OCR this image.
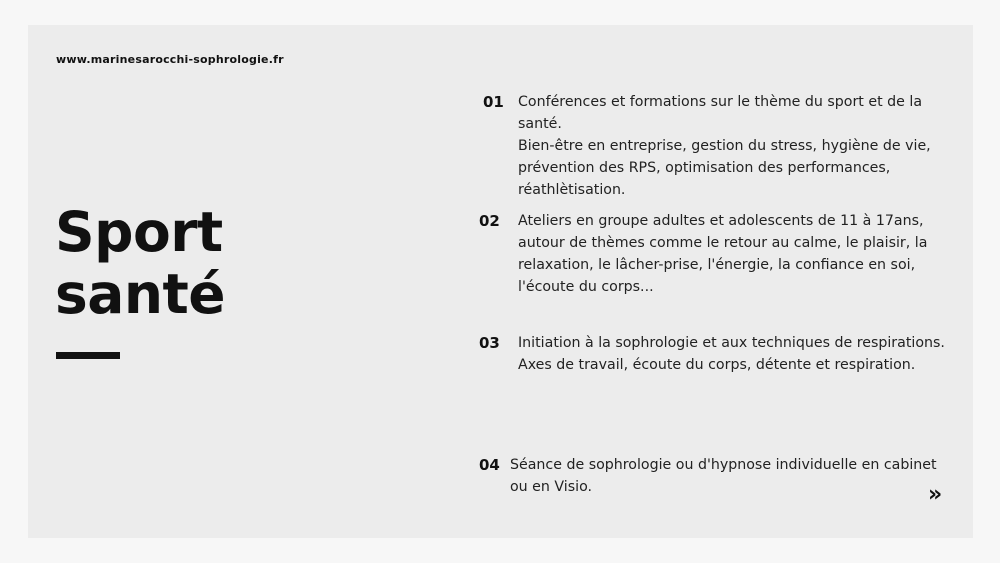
www.marinesarocchi-sophrologie.fr
Sport
santé
01 Conférences et formations sur le thème du sport et de la santé.
Bien-être en entreprise, gestion du stress, hygiène de vie, prévention des RPS, optimisation des performances, réathlètisation.
02	Ateliers en groupe adultes et adolescents de 11 à 17ans, autour de thèmes comme le retour au calme, le plaisir, la relaxation, le lâcher-prise, l'énergie, la confiance en soi, l'écoute du corps...
03	Initiation à la sophrologie et aux techniques de respirations.
Axes de travail, écoute du corps, détente et respiration.
04 Séance de sophrologie ou d'hypnose individuelle en cabinet ou en Visio.	»
